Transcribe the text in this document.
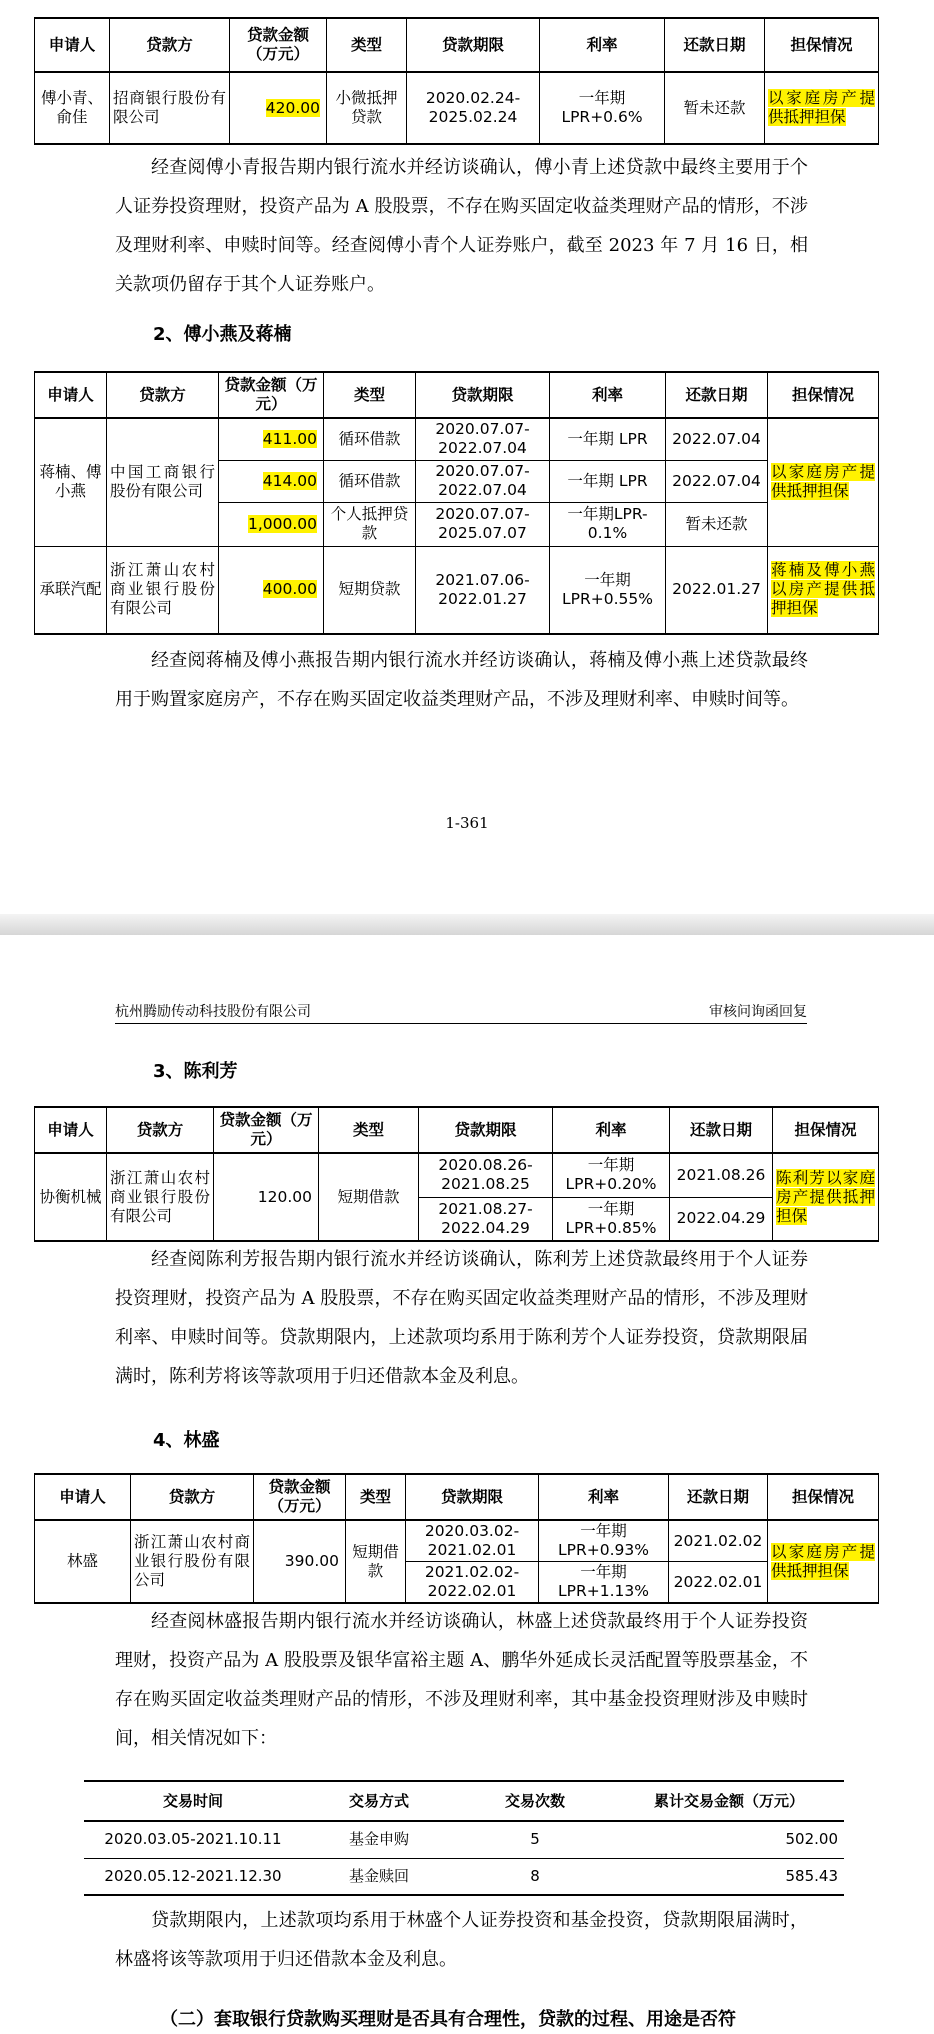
申请人	贷款方	贷款金额（万元）	类型	贷款期限	利率	还款日期	担保情况
傅小青、俞佳	招商银行股份有限公司	420.00	小微抵押贷款	2020.02.24-2025.02.24	一年期LPR+0.6%	暂未还款	以家庭房产提供抵押担保

经查阅傅小青报告期内银行流水并经访谈确认，傅小青上述贷款中最终主要用于个人证券投资理财，投资产品为 A 股股票，不存在购买固定收益类理财产品的情形，不涉及理财利率、申赎时间等。经查阅傅小青个人证券账户，截至 2023 年 7 月 16 日，相关款项仍留存于其个人证券账户。

2、傅小燕及蒋楠
申请人	贷款方	贷款金额（万元）	类型	贷款期限	利率	还款日期	担保情况
蒋楠、傅小燕	中国工商银行股份有限公司	411.00	循环借款	2020.07.07-2022.07.04	一年期 LPR	2022.07.04	以家庭房产提供抵押担保
		414.00	循环借款	2020.07.07-2022.07.04	一年期 LPR	2022.07.04	
		1,000.00	个人抵押贷款	2020.07.07-2025.07.07	一年期LPR-0.1%	暂未还款	
承联汽配	浙江萧山农村商业银行股份有限公司	400.00	短期贷款	2021.07.06-2022.01.27	一年期LPR+0.55%	2022.01.27	蒋楠及傅小燕以房产提供抵押担保

经查阅蒋楠及傅小燕报告期内银行流水并经访谈确认，蒋楠及傅小燕上述贷款最终用于购置家庭房产，不存在购买固定收益类理财产品，不涉及理财利率、申赎时间等。

1-361
杭州腾励传动科技股份有限公司	审核问询函回复
3、陈利芳
申请人	贷款方	贷款金额（万元）	类型	贷款期限	利率	还款日期	担保情况
协衡机械	浙江萧山农村商业银行股份有限公司	120.00	短期借款	2020.08.26-2021.08.25	一年期LPR+0.20%	2021.08.26	陈利芳以家庭房产提供抵押担保
				2021.08.27-2022.04.29	一年期LPR+0.85%	2022.04.29	

经查阅陈利芳报告期内银行流水并经访谈确认，陈利芳上述贷款最终用于个人证券投资理财，投资产品为 A 股股票，不存在购买固定收益类理财产品的情形，不涉及理财利率、申赎时间等。贷款期限内，上述款项均系用于陈利芳个人证券投资，贷款期限届满时，陈利芳将该等款项用于归还借款本金及利息。

4、林盛
申请人	贷款方	贷款金额（万元）	类型	贷款期限	利率	还款日期	担保情况
林盛	浙江萧山农村商业银行股份有限公司	390.00	短期借款	2020.03.02-2021.02.01	一年期LPR+0.93%	2021.02.02	以家庭房产提供抵押担保
				2021.02.02-2022.02.01	一年期LPR+1.13%	2022.02.01	

经查阅林盛报告期内银行流水并经访谈确认，林盛上述贷款最终用于个人证券投资理财，投资产品为 A 股股票及银华富裕主题 A、鹏华外延成长灵活配置等股票基金，不存在购买固定收益类理财产品的情形，不涉及理财利率，其中基金投资理财涉及申赎时间，相关情况如下：

交易时间	交易方式	交易次数	累计交易金额（万元）
2020.03.05-2021.10.11	基金申购	5	502.00
2020.05.12-2021.12.30	基金赎回	8	585.43

贷款期限内，上述款项均系用于林盛个人证券投资和基金投资，贷款期限届满时，林盛将该等款项用于归还借款本金及利息。

（二）套取银行贷款购买理财是否具有合理性，贷款的过程、用途是否符
